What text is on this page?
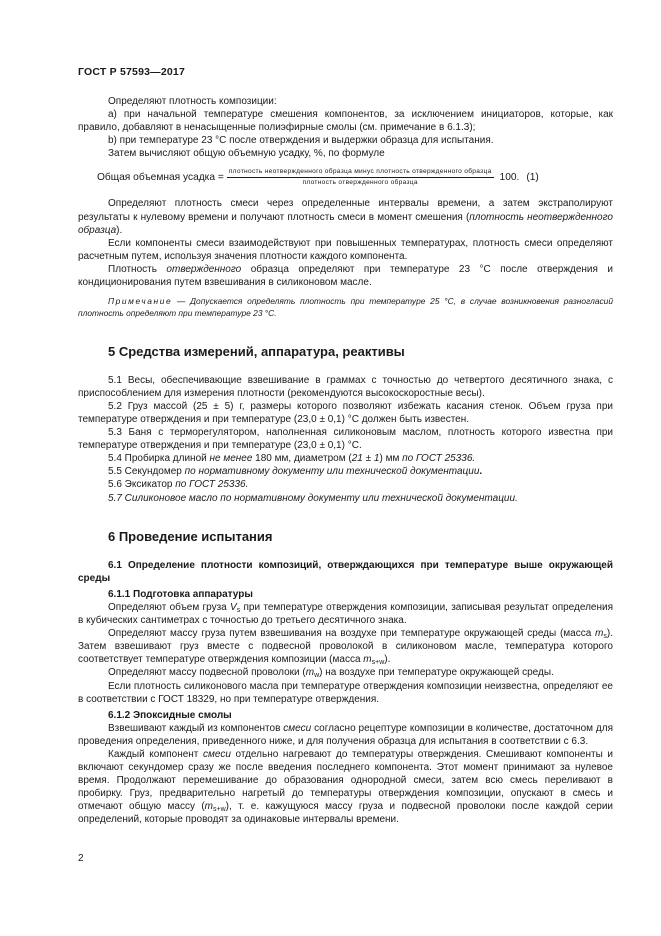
ГОСТ Р 57593—2017

Определяют плотность композиции:

a) при начальной температуре смешения компонентов, за исключением инициаторов, которые, как правило, добавляют в ненасыщенные полиэфирные смолы (см. примечание в 6.1.3);

b) при температуре 23 °C после отверждения и выдержки образца для испытания.

Затем вычисляют общую объемную усадку, %, по формуле

Общая объемная усадка =
плотность неотвержденного образца минус плотность отвержденного образца
плотность отвержденного образца	100. (1)

Определяют плотность смеси через определенные интервалы времени, а затем экстраполируют результаты к нулевому времени и получают плотность смеси в момент смешения (плотность неотвержденного образца).

Если компоненты смеси взаимодействуют при повышенных температурах, плотность смеси определяют расчетным путем, используя значения плотности каждого компонента.

Плотность отвержденного образца определяют при температуре 23 °C после отверждения и кондиционирования путем взвешивания в силиконовом масле.

Примечание — Допускается определять плотность при температуре 25 °C, в случае возникновения разногласий плотность определяют при температуре 23 °C.

5 Средства измерений, аппаратура, реактивы

5.1 Весы, обеспечивающие взвешивание в граммах с точностью до четвертого десятичного знака, с приспособлением для измерения плотности (рекомендуются высокоскоростные весы).

5.2 Груз массой (25 ± 5) г, размеры которого позволяют избежать касания стенок. Объем груза при температуре отверждения и при температуре (23,0 ± 0,1) °C должен быть известен.

5.3 Баня с терморегулятором, наполненная силиконовым маслом, плотность которого известна при температуре отверждения и при температуре (23,0 ± 0,1) °C.

5.4 Пробирка длиной не менее 180 мм, диаметром (21 ± 1) мм по ГОСТ 25336.

5.5 Секундомер по нормативному документу или технической документации.

5.6 Эксикатор по ГОСТ 25336.

5.7 Силиконовое масло по нормативному документу или технической документации.

6 Проведение испытания

6.1 Определение плотности композиций, отверждающихся при температуре выше окружающей среды

6.1.1 Подготовка аппаратуры

Определяют объем груза $V_s$ при температуре отверждения композиции, записывая результат определения в кубических сантиметрах с точностью до третьего десятичного знака.

Определяют массу груза путем взвешивания на воздухе при температуре окружающей среды (масса $m_s$). Затем взвешивают груз вместе с подвесной проволокой в силиконовом масле, температура которого соответствует температуре отверждения композиции (масса $m_{s+w}$).

Определяют массу подвесной проволоки $(m_w)$ на воздухе при температуре окружающей среды.

Если плотность силиконового масла при температуре отверждения композиции неизвестна, определяют ее в соответствии с ГОСТ 18329, но при температуре отверждения.

6.1.2 Эпоксидные смолы

Взвешивают каждый из компонентов смеси согласно рецептуре композиции в количестве, достаточном для проведения определения, приведенного ниже, и для получения образца для испытания в соответствии с 6.3.

Каждый компонент смеси отдельно нагревают до температуры отверждения. Смешивают компоненты и включают секундомер сразу же после введения последнего компонента. Этот момент принимают за нулевое время. Продолжают перемешивание до образования однородной смеси, затем всю смесь переливают в пробирку. Груз, предварительно нагретый до температуры отверждения композиции, опускают в смесь и отмечают общую массу $(m_{s+w})$, т. е. кажущуюся массу груза и подвесной проволоки после каждой серии определений, которые проводят за одинаковые интервалы времени.

2
